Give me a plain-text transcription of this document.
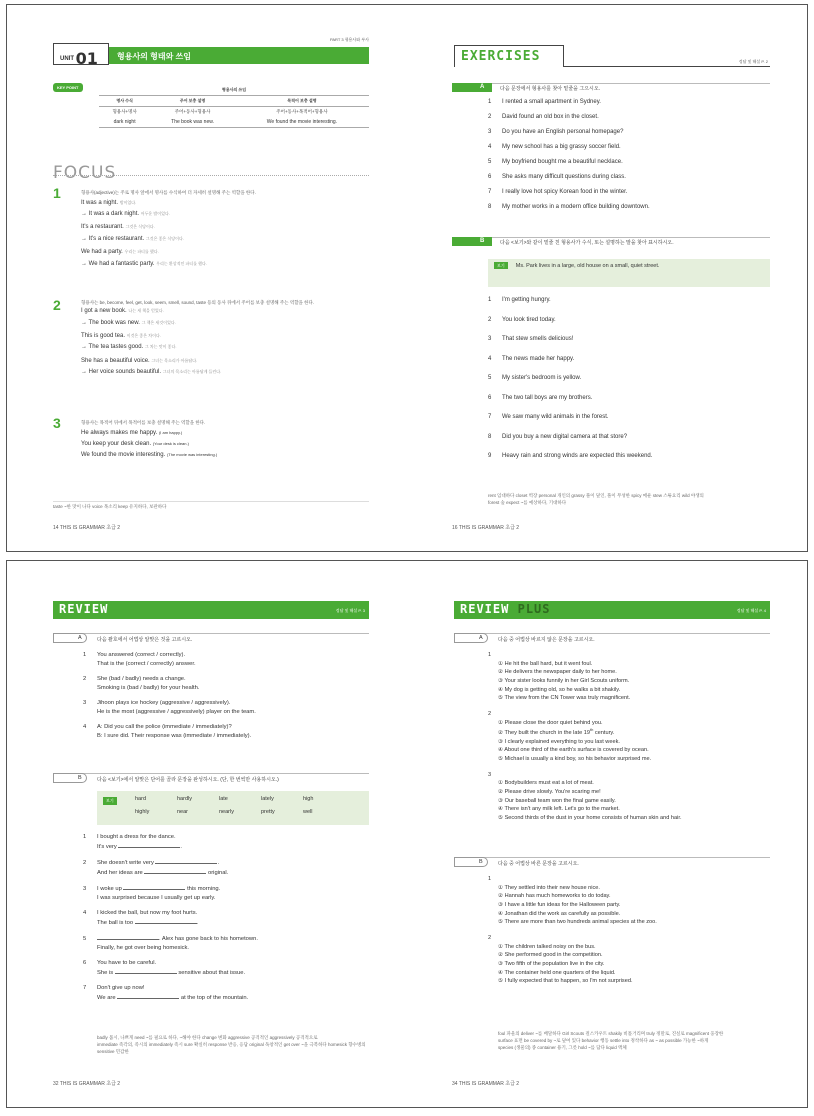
PART 3 형용사와 부사
형용사의 형태와 쓰임
UNIT 01
KEY POINT	형용사의 쓰임		
명사 수식	주어 보충 설명	목적어 보충 설명
형용사+명사	주어+동사+형용사	주어+동사+목적어+형용사
dark night	The book was new.	We found the movie interesting.
FOCUS
1	형용사(adjective)는 주로 명사 앞에서 명사를 수식하여 더 자세히 설명해 주는 역할을 한다.
It was a night. 밤이었다.
→ It was a dark night. 어두운 밤이었다.
It's a restaurant. 그것은 식당이다.
→ It's a nice restaurant. 그것은 좋은 식당이다.
We had a party. 우리는 파티를 했다.
→ We had a fantastic party. 우리는 환상적인 파티를 했다.
2	형용사는 be, become, feel, get, look, seem, smell, sound, taste 등의 동사 뒤에서 주어를 보충 설명해 주는 역할을 한다.
I got a new book. 나는 새 책을 얻었다.
→ The book was new. 그 책은 새것이었다.
This is good tea. 이것은 좋은 차이다.
→ The tea tastes good. 그 차는 맛이 좋다.
She has a beautiful voice. 그녀는 목소리가 아름답다.
→ Her voice sounds beautiful. 그녀의 목소리는 아름답게 들린다.
3	형용사는 목적어 뒤에서 목적어를 보충 설명해 주는 역할을 한다.
He always makes me happy. (I am happy.)
You keep your desk clean. (Your desk is clean.)
We found the movie interesting. (The movie was interesting.)
taste ~한 맛이 나다 voice 목소리 keep 유지하다, 보관하다
14 THIS IS GRAMMAR 초급 2
EXERCISES	정답 및 해설 P. 2
A	다음 문장에서 형용사를 찾아 밑줄을 그으시오.
1 I rented a small apartment in Sydney.
2 David found an old box in the closet.
3 Do you have an English personal homepage?
4 My new school has a big grassy soccer field.
5 My boyfriend bought me a beautiful necklace.
6 She asks many difficult questions during class.
7 I really love hot spicy Korean food in the winter.
8 My mother works in a modern office building downtown.
B	다음 <보기>와 같이 밑줄 친 형용사가 수식, 또는 설명하는 말을 찾아 표시하시오.
보기 Ms. Park lives in a large, old house on a small, quiet street.
1 I'm getting hungry.
2 You look tired today.
3 That stew smells delicious!
4 The news made her happy.
5 My sister's bedroom is yellow.
6 The two tall boys are my brothers.
7 We saw many wild animals in the forest.
8 Did you buy a new digital camera at that store?
9 Heavy rain and strong winds are expected this weekend.
rent 임대하다 closet 벽장 personal 개인의 grassy 풀이 덮인, 풀이 무성한 spicy 매운 stew 스튜요리 wild 야생의
forest 숲 expect ~를 예상하다, 기대하다
16 THIS IS GRAMMAR 초급 2
REVIEW	정답 및 해설 P. 3
A	다음 괄호에서 어법상 알맞은 것을 고르시오.
1 You answered (correct / correctly).
That is the (correct / correctly) answer.
2 She (bad / badly) needs a change.
Smoking is (bad / badly) for your health.
3 Jihoon plays ice hockey (aggressive / aggressively).
He is the most (aggressive / aggressively) player on the team.
4 A: Did you call the police (immediate / immediately)?
B: I sure did. Their response was (immediate / immediately).
B	다음 <보기>에서 알맞은 단어를 골라 문장을 완성하시오. (단, 한 번씩만 사용하시오.)
보기	hard	hardly	late	lately	high
highly	near	nearly	pretty	well
1 I bought a dress for the dance.
It's very	.
2 She doesn't write very	.
And her ideas are	original.
3 I woke up	this morning.
I was surprised because I usually get up early.
4 I kicked the ball, but now my foot hurts.
The ball is too	.
5	. Alex has gone back to his hometown.
Finally, he got over being homesick.
6 You have to be careful.
She is	sensitive about that issue.
7 Don't give up now!
We are	at the top of the mountain.
badly 몹시, 나쁘게 need ~를 필요로 하다, ~해야 한다 change 변화 aggressive 공격적인 aggressively 공격적으로
immediate 즉각의, 즉시의 immediately 즉시 sure 확실히 response 반응, 응답 original 독창적인 get over ~을 극복하다 homesick 향수병의 sensitive 민감한
32 THIS IS GRAMMAR 초급 2
REVIEW PLUS	정답 및 해설 P. 4
A	다음 중 어법상 바르지 않은 문장을 고르시오.
1
① He hit the ball hard, but it went foul.
② He delivers the newspaper daily to her home.
③ Your sister looks funnily in her Girl Scouts uniform.
④ My dog is getting old, so he walks a bit shakily.
⑤ The view from the CN Tower was truly magnificent.
2
① Please close the door quiet behind you.
② They built the church in the late 19th century.
③ I clearly explained everything to you last week.
④ About one third of the earth's surface is covered by ocean.
⑤ Michael is usually a kind boy, so his behavior surprised me.
3
① Bodybuilders must eat a lot of meat.
② Please drive slowly. You're scaring me!
③ Our baseball team won the final game easily.
④ There isn't any milk left. Let's go to the market.
⑤ Second thirds of the dust in your home consists of human skin and hair.
B	다음 중 어법상 바른 문장을 고르시오.
1
① They settled into their new house nice.
② Hannah has much homeworks to do today.
③ I have a little fun ideas for the Halloween party.
④ Jonathan did the work as carefully as possible.
⑤ There are more than two hundreds animal species at the zoo.
2
① The children talked noisy on the bus.
② She performed good in the competition.
③ Two fifth of the population live in the city.
④ The container held one quarters of the liquid.
⑤ I fully expected that to happen, so I'm not surprised.
foul 파울의 deliver ~를 배달하다 Girl Scouts 걸스카우트 shakily 비틀거리며 truly 정말로, 진실로 magnificent 웅장한
surface 표면 be covered by ~로 덮여 있다 behavior 행동 settle into 정착하다 as ~ as possible 가능한 ~하게
species (생물의) 종 container 용기, 그릇 hold ~를 담다 liquid 액체
34 THIS IS GRAMMAR 초급 2
